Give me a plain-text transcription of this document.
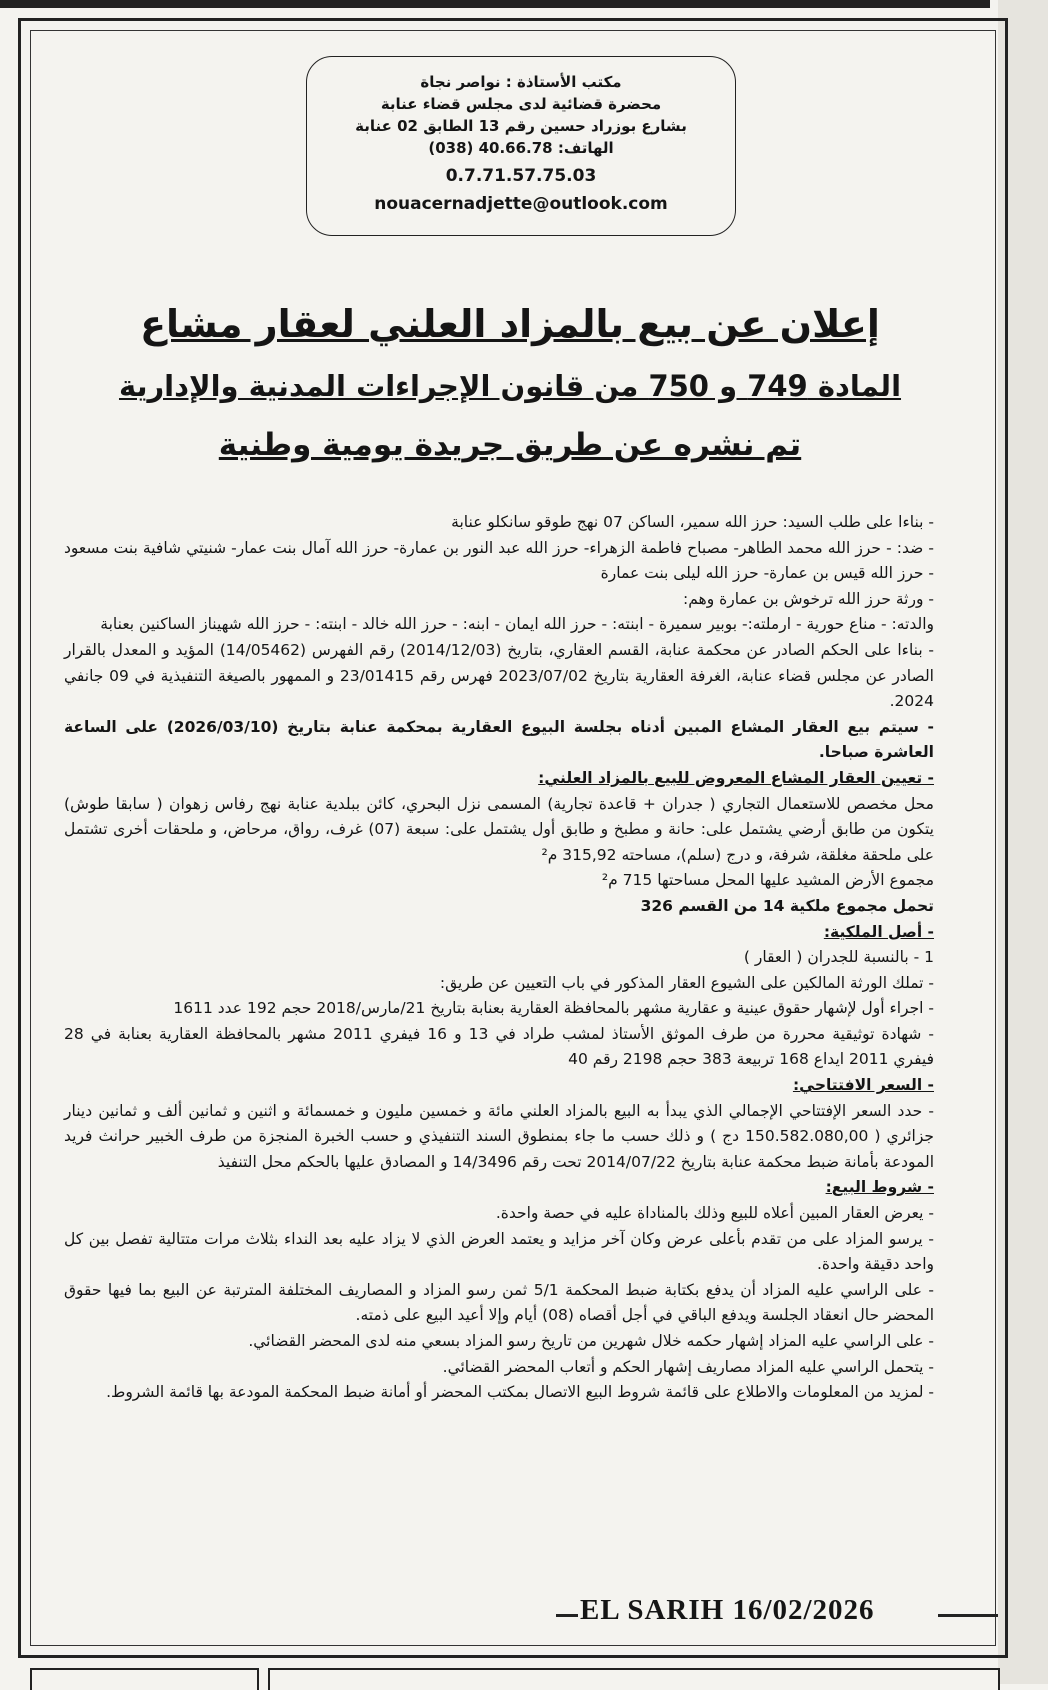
مكتب الأستاذة : نواصر نجاة
محضرة قضائية لدى مجلس قضاء عنابة
بشارع بوزراد حسين رقم 13 الطابق 02 عنابة
الهاتف: 40.66.78 (038)
0.7.71.57.75.03
nouacernadjette@outlook.com
إعلان عن بيع بالمزاد العلني لعقار مشاع
المادة 749 و 750 من قانون الإجراءات المدنية والإدارية
تم نشره عن طريق جريدة يومية وطنية

- بناءا على طلب السيد: حرز الله سمير، الساكن 07 نهج طوقو سانكلو عنابة

- ضد: - حرز الله محمد الطاهر- مصباح فاطمة الزهراء- حرز الله عبد النور بن عمارة- حرز الله آمال بنت عمار- شنيتي شافية بنت مسعود - حرز الله قيس بن عمارة- حرز الله ليلى بنت عمارة

- ورثة حرز الله ترخوش بن عمارة وهم:

والدته: - مناع حورية - ارملته:- بوبير سميرة - ابنته: - حرز الله ايمان - ابنه: - حرز الله خالد - ابنته: - حرز الله شهيناز الساكنين بعنابة

- بناءا على الحكم الصادر عن محكمة عنابة، القسم العقاري، بتاريخ (2014/12/03) رقم الفهرس (14/05462) المؤيد و المعدل بالقرار الصادر عن مجلس قضاء عنابة، الغرفة العقارية بتاريخ 2023/07/02 فهرس رقم 23/01415 و الممهور بالصيغة التنفيذية في 09 جانفي 2024.

- سيتم بيع العقار المشاع المبين أدناه بجلسة البيوع العقارية بمحكمة عنابة بتاريخ (2026/03/10) على الساعة العاشرة صباحا.

- تعيين العقار المشاع المعروض للبيع بالمزاد العلني:

محل مخصص للاستعمال التجاري ( جدران + قاعدة تجارية) المسمى نزل البحري، كائن ببلدية عنابة نهج رفاس زهوان ( سابقا طوش) يتكون من طابق أرضي يشتمل على: حانة و مطبخ و طابق أول يشتمل على: سبعة (07) غرف، رواق، مرحاض، و ملحقات أخرى تشتمل على ملحقة مغلقة، شرفة، و درج (سلم)، مساحته 315,92 م²

مجموع الأرض المشيد عليها المحل مساحتها 715 م²

تحمل مجموع ملكية 14 من القسم 326

- أصل الملكية:

1 - بالنسبة للجدران ( العقار )

- تملك الورثة المالكين على الشيوع العقار المذكور في باب التعيين عن طريق:

- اجراء أول لإشهار حقوق عينية و عقارية مشهر بالمحافظة العقارية بعنابة بتاريخ 21/مارس/2018 حجم 192 عدد 1611

- شهادة توثيقية محررة من طرف الموثق الأستاذ لمشب طراد في 13 و 16 فيفري 2011 مشهر بالمحافظة العقارية بعنابة في 28 فيفري 2011 ايداع 168 تربيعة 383 حجم 2198 رقم 40

- السعر الافتتاحي:

- حدد السعر الإفتتاحي الإجمالي الذي يبدأ به البيع بالمزاد العلني مائة و خمسين مليون و خمسمائة و اثنين و ثمانين ألف و ثمانين دينار جزائري ( 150.582.080,00 دج ) و ذلك حسب ما جاء بمنطوق السند التنفيذي و حسب الخبرة المنجزة من طرف الخبير حرانث فريد المودعة بأمانة ضبط محكمة عنابة بتاريخ 2014/07/22 تحت رقم 14/3496 و المصادق عليها بالحكم محل التنفيذ

- شروط البيع:

- يعرض العقار المبين أعلاه للبيع وذلك بالمناداة عليه في حصة واحدة.

- يرسو المزاد على من تقدم بأعلى عرض وكان آخر مزايد و يعتمد العرض الذي لا يزاد عليه بعد النداء بثلاث مرات متتالية تفصل بين كل واحد دقيقة واحدة.

- على الراسي عليه المزاد أن يدفع بكتابة ضبط المحكمة 5/1 ثمن رسو المزاد و المصاريف المختلفة المترتبة عن البيع بما فيها حقوق المحضر حال انعقاد الجلسة ويدفع الباقي في أجل أقصاه (08) أيام وإلا أعيد البيع على ذمته.

- على الراسي عليه المزاد إشهار حكمه خلال شهرين من تاريخ رسو المزاد بسعي منه لدى المحضر القضائي.

- يتحمل الراسي عليه المزاد مصاريف إشهار الحكم و أتعاب المحضر القضائي.

- لمزيد من المعلومات والاطلاع على قائمة شروط البيع الاتصال بمكتب المحضر أو أمانة ضبط المحكمة المودعة بها قائمة الشروط.

EL SARIH 16/02/2026
